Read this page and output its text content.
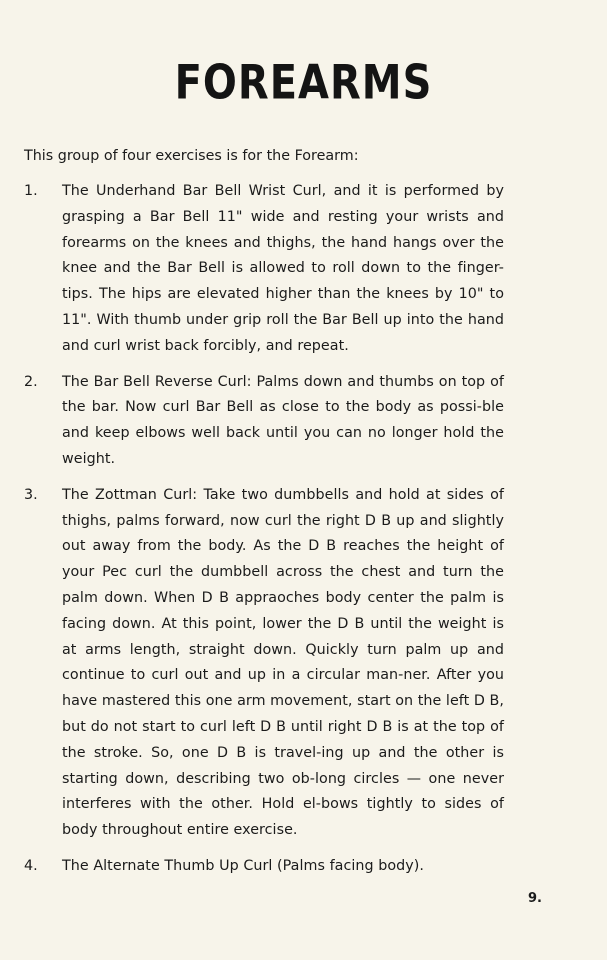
FOREARMS
This group of four exercises is for the Forearm:
1.	The Underhand Bar Bell Wrist Curl, and it is performed by grasping a Bar Bell 11" wide and resting your wrists and forearms on the knees and thighs, the hand hangs over the knee and the Bar Bell is allowed to roll down to the finger-tips. The hips are elevated higher than the knees by 10" to 11". With thumb under grip roll the Bar Bell up into the hand and curl wrist back forcibly, and repeat.
2.	The Bar Bell Reverse Curl: Palms down and thumbs on top of the bar. Now curl Bar Bell as close to the body as possi-ble and keep elbows well back until you can no longer hold the weight.
3.	The Zottman Curl: Take two dumbbells and hold at sides of thighs, palms forward, now curl the right D B up and slightly out away from the body. As the D B reaches the height of your Pec curl the dumbbell across the chest and turn the palm down. When D B appraoches body center the palm is facing down. At this point, lower the D B until the weight is at arms length, straight down. Quickly turn palm up and continue to curl out and up in a circular man-ner. After you have mastered this one arm movement, start on the left D B, but do not start to curl left D B until right D B is at the top of the stroke. So, one D B is travel-ing up and the other is starting down, describing two ob-long circles — one never interferes with the other. Hold el-bows tightly to sides of body throughout entire exercise.
4.	The Alternate Thumb Up Curl (Palms facing body).
9.
